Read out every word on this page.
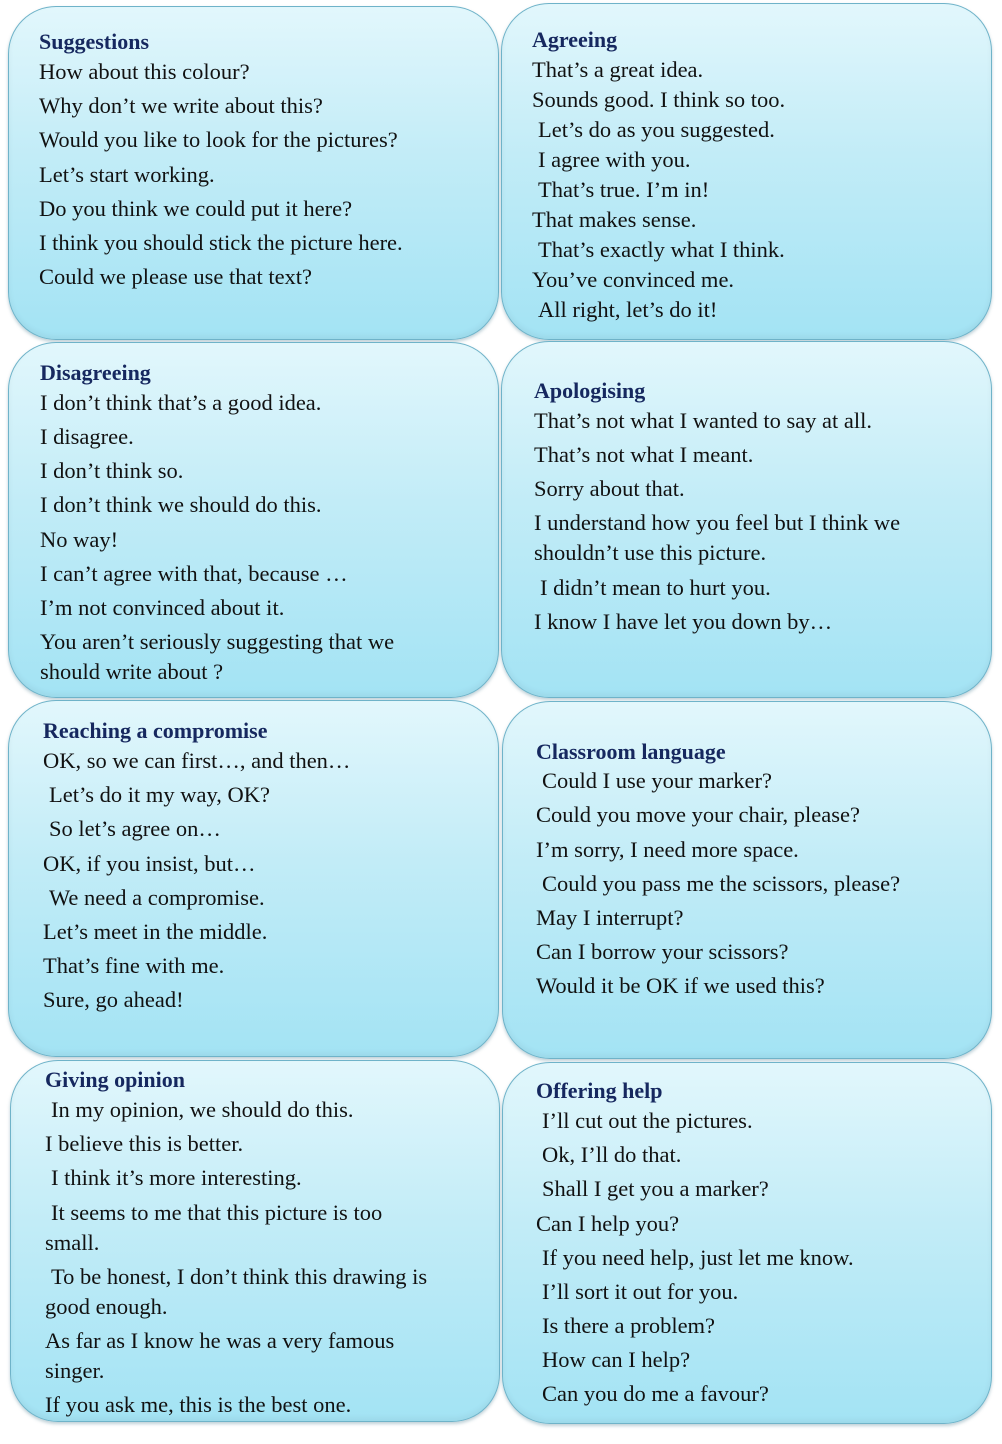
Suggestions

How about this colour?

Why don’t we write about this?

Would you like to look for the pictures?

Let’s start working.

Do you think we could put it here?

I think you should stick the picture here.

Could we please use that text?

Agreeing

That’s a great idea.

Sounds good. I think so too.

Let’s do as you suggested.

I agree with you.

That’s true. I’m in!

That makes sense.

That’s exactly what I think.

You’ve convinced me.

All right, let’s do it!

Disagreeing

I don’t think that’s a good idea.

I disagree.

I don’t think so.

I don’t think we should do this.

No way!

I can’t agree with that, because …

I’m not convinced about it.

You aren’t seriously suggesting that we

should write about ?

Apologising

That’s not what I wanted to say at all.

That’s not what I meant.

Sorry about that.

I understand how you feel but I think we

shouldn’t use this picture.

I didn’t mean to hurt you.

I know I have let you down by…

Reaching a compromise

OK, so we can first…, and then…

Let’s do it my way, OK?

So let’s agree on…

OK, if you insist, but…

We need a compromise.

Let’s meet in the middle.

That’s fine with me.

Sure, go ahead!

Classroom language

Could I use your marker?

Could you move your chair, please?

I’m sorry, I need more space.

Could you pass me the scissors, please?

May I interrupt?

Can I borrow your scissors?

Would it be OK if we used this?

Giving opinion

In my opinion, we should do this.

I believe this is better.

I think it’s more interesting.

It seems to me that this picture is too

small.

To be honest, I don’t think this drawing is

good enough.

As far as I know he was a very famous

singer.

If you ask me, this is the best one.

Offering help

I’ll cut out the pictures.

Ok, I’ll do that.

Shall I get you a marker?

Can I help you?

If you need help, just let me know.

I’ll sort it out for you.

Is there a problem?

How can I help?

Can you do me a favour?
